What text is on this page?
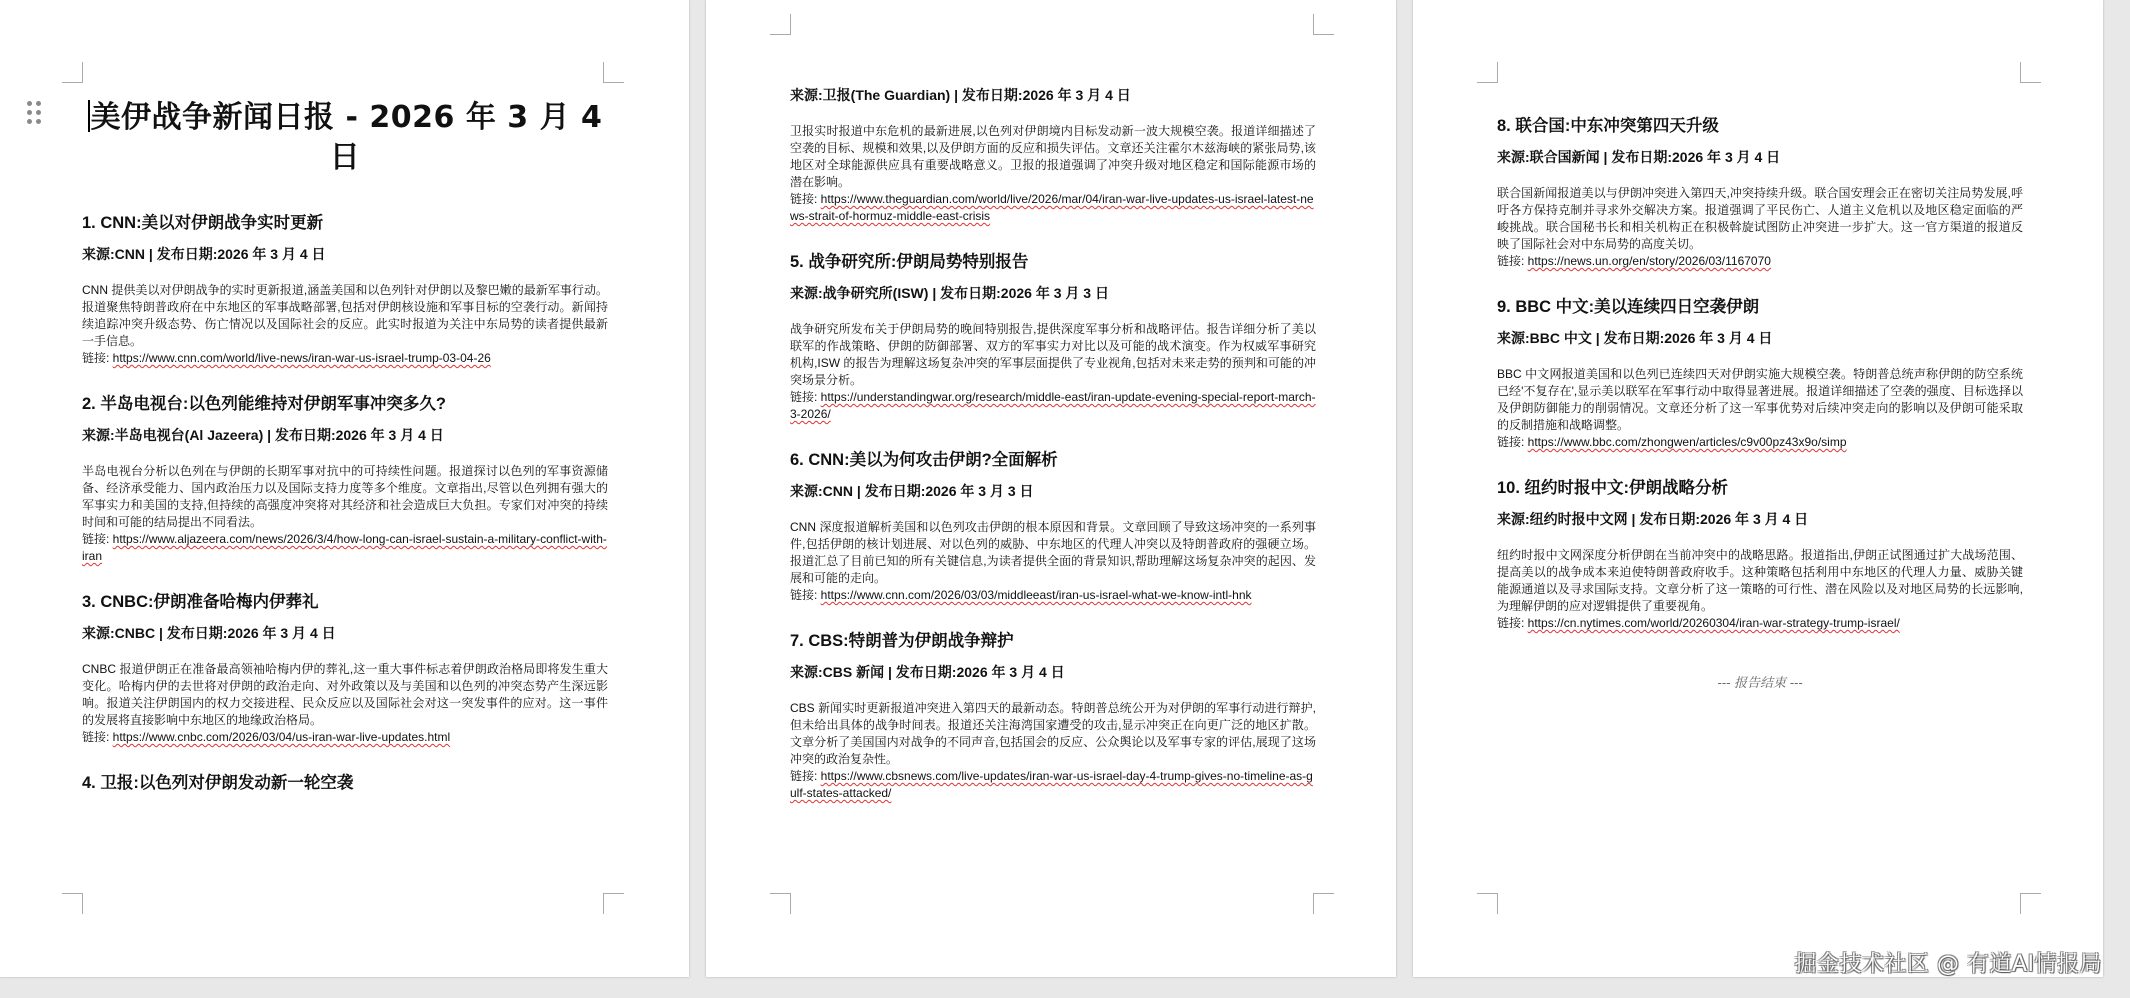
美伊战争新闻日报 - 2026 年 3 月 4 日
1. CNN:美以对伊朗战争实时更新

来源:CNN | 发布日期:2026 年 3 月 4 日

CNN 提供美以对伊朗战争的实时更新报道,涵盖美国和以色列针对伊朗以及黎巴嫩的最新军事行动。报道聚焦特朗普政府在中东地区的军事战略部署,包括对伊朗核设施和军事目标的空袭行动。新闻持续追踪冲突升级态势、伤亡情况以及国际社会的反应。此实时报道为关注中东局势的读者提供最新一手信息。

链接: https://www.cnn.com/world/live-news/iran-war-us-israel-trump-03-04-26

2. 半岛电视台:以色列能维持对伊朗军事冲突多久?

来源:半岛电视台(Al Jazeera) | 发布日期:2026 年 3 月 4 日

半岛电视台分析以色列在与伊朗的长期军事对抗中的可持续性问题。报道探讨以色列的军事资源储备、经济承受能力、国内政治压力以及国际支持力度等多个维度。文章指出,尽管以色列拥有强大的军事实力和美国的支持,但持续的高强度冲突将对其经济和社会造成巨大负担。专家们对冲突的持续时间和可能的结局提出不同看法。

链接: https://www.aljazeera.com/news/2026/3/4/how-long-can-israel-sustain-a-military-conflict-with-iran

3. CNBC:伊朗准备哈梅内伊葬礼

来源:CNBC | 发布日期:2026 年 3 月 4 日

CNBC 报道伊朗正在准备最高领袖哈梅内伊的葬礼,这一重大事件标志着伊朗政治格局即将发生重大变化。哈梅内伊的去世将对伊朗的政治走向、对外政策以及与美国和以色列的冲突态势产生深远影响。报道关注伊朗国内的权力交接进程、民众反应以及国际社会对这一突发事件的应对。这一事件的发展将直接影响中东地区的地缘政治格局。

链接: https://www.cnbc.com/2026/03/04/us-iran-war-live-updates.html

4. 卫报:以色列对伊朗发动新一轮空袭

来源:卫报(The Guardian) | 发布日期:2026 年 3 月 4 日

卫报实时报道中东危机的最新进展,以色列对伊朗境内目标发动新一波大规模空袭。报道详细描述了空袭的目标、规模和效果,以及伊朗方面的反应和损失评估。文章还关注霍尔木兹海峡的紧张局势,该地区对全球能源供应具有重要战略意义。卫报的报道强调了冲突升级对地区稳定和国际能源市场的潜在影响。

链接: https://www.theguardian.com/world/live/2026/mar/04/iran-war-live-updates-us-israel-latest-news-strait-of-hormuz-middle-east-crisis

5. 战争研究所:伊朗局势特别报告

来源:战争研究所(ISW) | 发布日期:2026 年 3 月 3 日

战争研究所发布关于伊朗局势的晚间特别报告,提供深度军事分析和战略评估。报告详细分析了美以联军的作战策略、伊朗的防御部署、双方的军事实力对比以及可能的战术演变。作为权威军事研究机构,ISW 的报告为理解这场复杂冲突的军事层面提供了专业视角,包括对未来走势的预判和可能的冲突场景分析。

链接: https://understandingwar.org/research/middle-east/iran-update-evening-special-report-march-3-2026/

6. CNN:美以为何攻击伊朗?全面解析

来源:CNN | 发布日期:2026 年 3 月 3 日

CNN 深度报道解析美国和以色列攻击伊朗的根本原因和背景。文章回顾了导致这场冲突的一系列事件,包括伊朗的核计划进展、对以色列的威胁、中东地区的代理人冲突以及特朗普政府的强硬立场。报道汇总了目前已知的所有关键信息,为读者提供全面的背景知识,帮助理解这场复杂冲突的起因、发展和可能的走向。

链接: https://www.cnn.com/2026/03/03/middleeast/iran-us-israel-what-we-know-intl-hnk

7. CBS:特朗普为伊朗战争辩护

来源:CBS 新闻 | 发布日期:2026 年 3 月 4 日

CBS 新闻实时更新报道冲突进入第四天的最新动态。特朗普总统公开为对伊朗的军事行动进行辩护,但未给出具体的战争时间表。报道还关注海湾国家遭受的攻击,显示冲突正在向更广泛的地区扩散。文章分析了美国国内对战争的不同声音,包括国会的反应、公众舆论以及军事专家的评估,展现了这场冲突的政治复杂性。

链接: https://www.cbsnews.com/live-updates/iran-war-us-israel-day-4-trump-gives-no-timeline-as-gulf-states-attacked/

8. 联合国:中东冲突第四天升级

来源:联合国新闻 | 发布日期:2026 年 3 月 4 日

联合国新闻报道美以与伊朗冲突进入第四天,冲突持续升级。联合国安理会正在密切关注局势发展,呼吁各方保持克制并寻求外交解决方案。报道强调了平民伤亡、人道主义危机以及地区稳定面临的严峻挑战。联合国秘书长和相关机构正在积极斡旋试图防止冲突进一步扩大。这一官方渠道的报道反映了国际社会对中东局势的高度关切。

链接: https://news.un.org/en/story/2026/03/1167070

9. BBC 中文:美以连续四日空袭伊朗

来源:BBC 中文 | 发布日期:2026 年 3 月 4 日

BBC 中文网报道美国和以色列已连续四天对伊朗实施大规模空袭。特朗普总统声称伊朗的防空系统已经'不复存在',显示美以联军在军事行动中取得显著进展。报道详细描述了空袭的强度、目标选择以及伊朗防御能力的削弱情况。文章还分析了这一军事优势对后续冲突走向的影响以及伊朗可能采取的反制措施和战略调整。

链接: https://www.bbc.com/zhongwen/articles/c9v00pz43x9o/simp

10. 纽约时报中文:伊朗战略分析

来源:纽约时报中文网 | 发布日期:2026 年 3 月 4 日

纽约时报中文网深度分析伊朗在当前冲突中的战略思路。报道指出,伊朗正试图通过扩大战场范围、提高美以的战争成本来迫使特朗普政府收手。这种策略包括利用中东地区的代理人力量、威胁关键能源通道以及寻求国际支持。文章分析了这一策略的可行性、潜在风险以及对地区局势的长远影响,为理解伊朗的应对逻辑提供了重要视角。

链接: https://cn.nytimes.com/world/20260304/iran-war-strategy-trump-israel/

--- 报告结束 ---
掘金技术社区 @ 有道AI情报局
